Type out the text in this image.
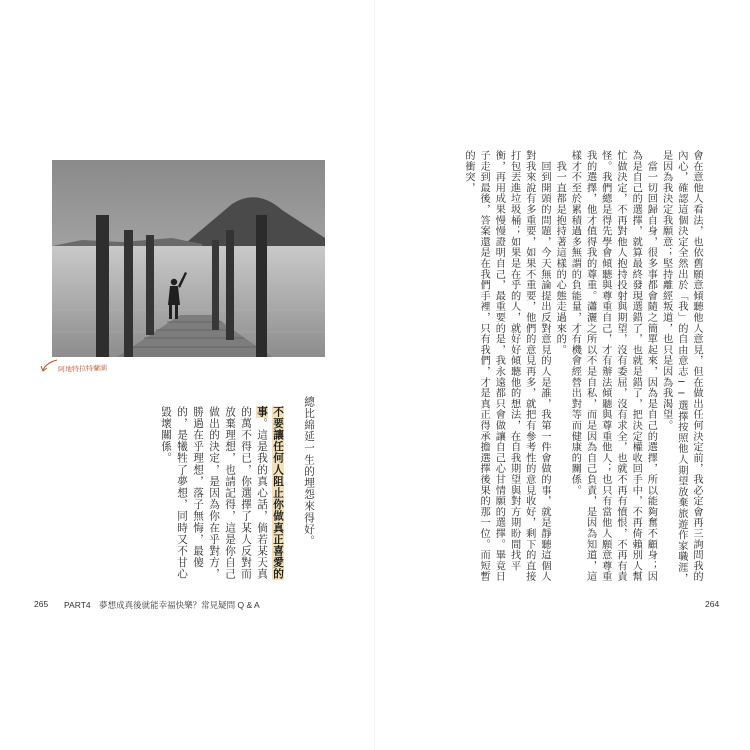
阿地特拉特蘭湖
總比綿延一生的埋怨來得好。
不要讓任何人阻止你做真正喜愛的事。這是我的真心話，倘若某天真的萬不得已，你選擇了某人反對而放棄理想，也請記得，這是你自己做出的決定，是因為你在乎對方，勝過在乎理想，落子無悔，最傻的，是犧牲了夢想，同時又不甘心毀壞關係。
265 PART4　夢想成真後就能幸福快樂？常見疑問 Q & A	264
會在意他人看法，也依舊願意傾聽他人意見，但在做出任何決定前，我必定會再三詢問我的內心，確認這個決定全然出於「我」的自由意志──選擇按照他人期望放棄旅遊作家職涯，是因為我決定我願意；堅持離經叛道，也只是因為我渴望。
　當一切回歸自身，很多事都會隨之簡單起來，因為是自己的選擇，所以能夠奮不顧身；因為是自己的選擇，就算最終發現選錯了，也就是錯了，把決定權收回手中，不再倚賴別人幫忙做決定，不再對他人抱持投射與期望，沒有委屈，沒有求全，也就不再有憤恨，不再有責怪。我們總是得先學會傾聽與尊重自己，才有辦法傾聽與尊重他人；也只有當他人願意尊重我的選擇，他才值得我的尊重。瀟灑之所以不是自私，而是因為自己負責，是因為知道，這樣才不至於累積過多無謂的負能量，才有機會經營出對等而健康的關係。
　我一直都是抱持著這樣的心態走過來的。
　回到開頭的問題，今天無論提出反對意見的人是誰，我第一件會做的事，就是靜聽這個人對我來說有多重要，如果不重要，他們的意見再多，就把有參考性的意見收好，剩下的直接打包丟進垃圾桶；如果是在乎的人，就好好傾聽他的想法，在自我期望與對方期盼間找平衡，再用成果慢慢證明自己，最重要的是，我永遠都只會做讓自己心甘情願的選擇。畢竟日子走到最後，答案還是在我們手裡，只有我們，才是真正得承擔選擇後果的那一位。而短暫的衝突，
